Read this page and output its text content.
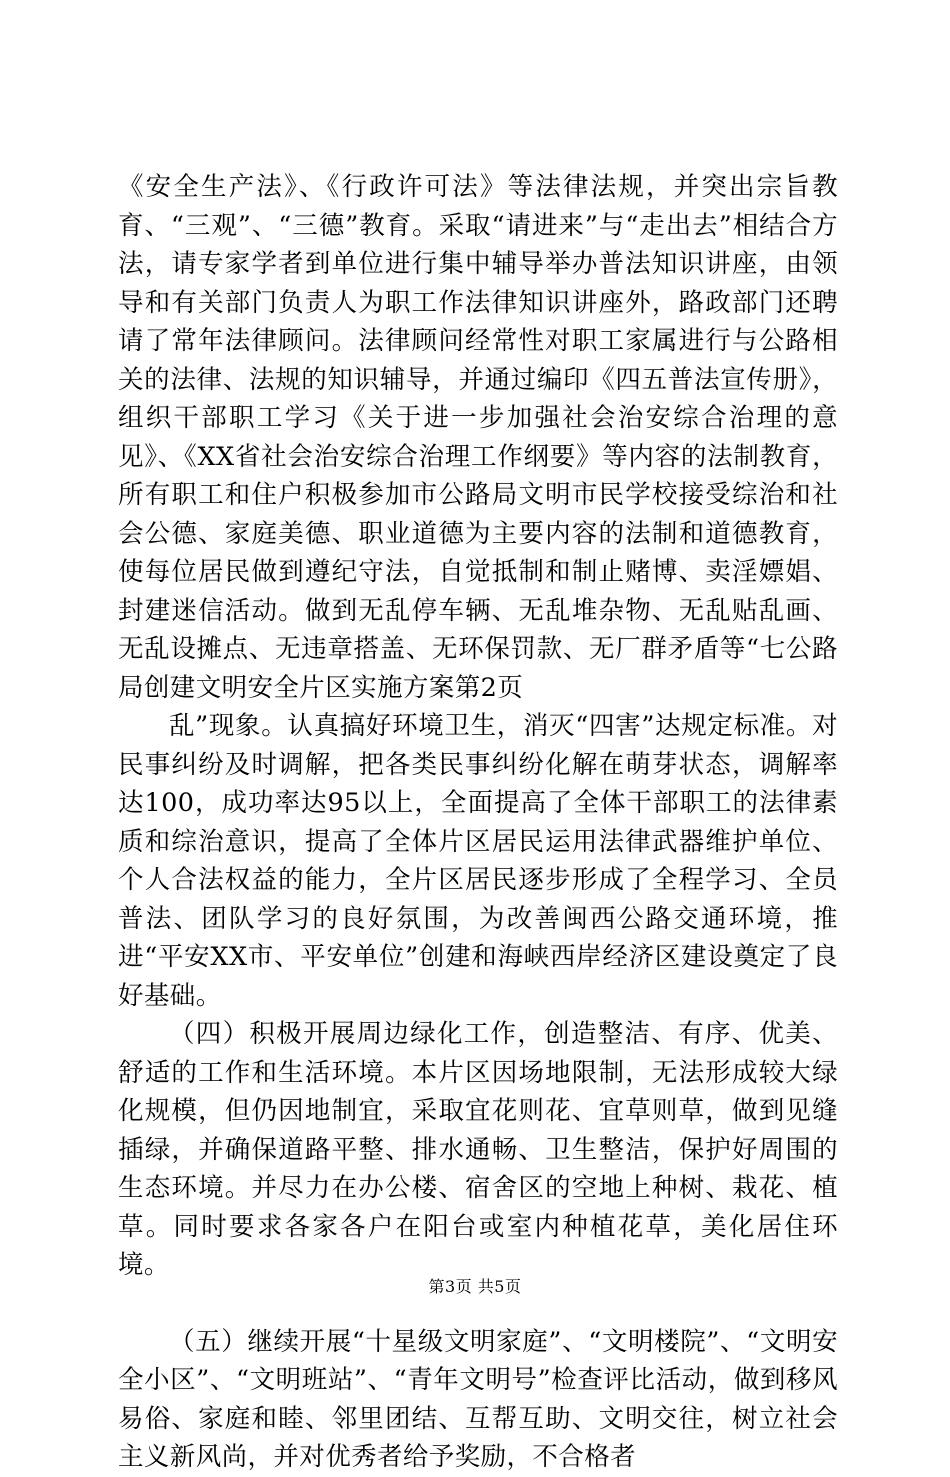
《安全生产法》、《行政许可法》等法律法规，并突出宗旨教育、“三观”、“三德”教育。采取“请进来”与“走出去”相结合方法，请专家学者到单位进行集中辅导举办普法知识讲座，由领导和有关部门负责人为职工作法律知识讲座外，路政部门还聘请了常年法律顾问。法律顾问经常性对职工家属进行与公路相关的法律、法规的知识辅导，并通过编印《四五普法宣传册》，组织干部职工学习《关于进一步加强社会治安综合治理的意见》、《XX省社会治安综合治理工作纲要》等内容的法制教育，所有职工和住户积极参加市公路局文明市民学校接受综治和社会公德、家庭美德、职业道德为主要内容的法制和道德教育，使每位居民做到遵纪守法，自觉抵制和制止赌博、卖淫嫖娼、封建迷信活动。做到无乱停车辆、无乱堆杂物、无乱贴乱画、无乱设摊点、无违章搭盖、无环保罚款、无厂群矛盾等“七公路局创建文明安全片区实施方案第2页

乱”现象。认真搞好环境卫生，消灭“四害”达规定标准。对民事纠纷及时调解，把各类民事纠纷化解在萌芽状态，调解率达100，成功率达95以上，全面提高了全体干部职工的法律素质和综治意识，提高了全体片区居民运用法律武器维护单位、个人合法权益的能力，全片区居民逐步形成了全程学习、全员普法、团队学习的良好氛围，为改善闽西公路交通环境，推进“平安XX市、平安单位”创建和海峡西岸经济区建设奠定了良好基础。

（四）积极开展周边绿化工作，创造整洁、有序、优美、舒适的工作和生活环境。本片区因场地限制，无法形成较大绿化规模，但仍因地制宜，采取宜花则花、宜草则草，做到见缝插绿，并确保道路平整、排水通畅、卫生整洁，保护好周围的生态环境。并尽力在办公楼、宿舍区的空地上种树、栽花、植草。同时要求各家各户在阳台或室内种植花草，美化居住环境。

（五）继续开展“十星级文明家庭”、“文明楼院”、“文明安全小区”、“文明班站”、“青年文明号”检查评比活动，做到移风易俗、家庭和睦、邻里团结、互帮互助、文明交往，树立社会主义新风尚，并对优秀者给予奖励，不合格者

第3页 共5页
